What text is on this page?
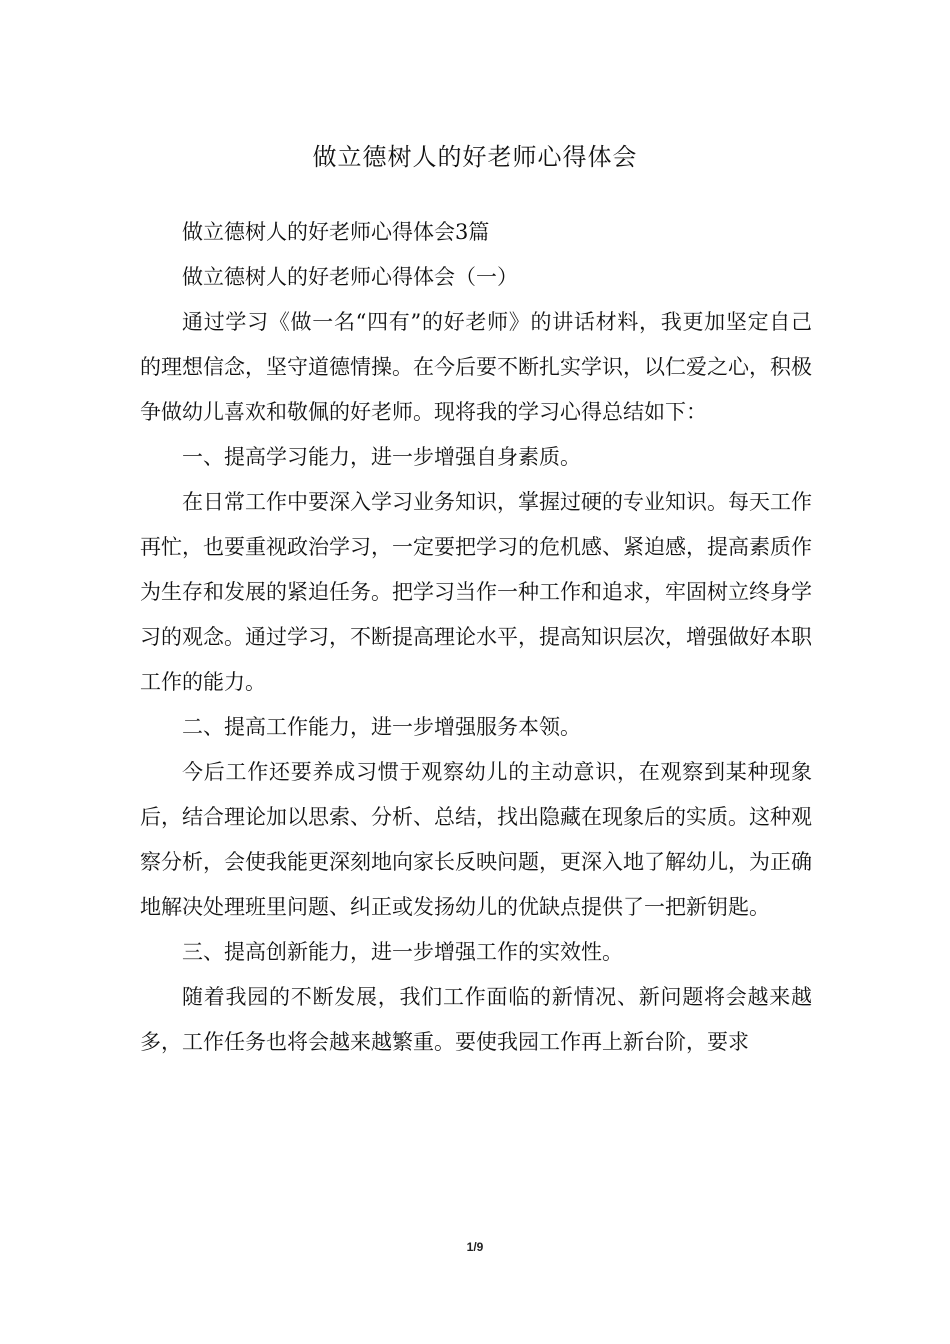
做立德树人的好老师心得体会

做立德树人的好老师心得体会3篇

做立德树人的好老师心得体会（一）

通过学习《做一名“四有”的好老师》的讲话材料，我更加坚定自己的理想信念，坚守道德情操。在今后要不断扎实学识，以仁爱之心，积极争做幼儿喜欢和敬佩的好老师。现将我的学习心得总结如下：

一、提高学习能力，进一步增强自身素质。

在日常工作中要深入学习业务知识，掌握过硬的专业知识。每天工作再忙，也要重视政治学习，一定要把学习的危机感、紧迫感，提高素质作为生存和发展的紧迫任务。把学习当作一种工作和追求，牢固树立终身学习的观念。通过学习，不断提高理论水平，提高知识层次，增强做好本职工作的能力。

二、提高工作能力，进一步增强服务本领。

今后工作还要养成习惯于观察幼儿的主动意识，在观察到某种现象后，结合理论加以思索、分析、总结，找出隐藏在现象后的实质。这种观察分析，会使我能更深刻地向家长反映问题，更深入地了解幼儿，为正确地解决处理班里问题、纠正或发扬幼儿的优缺点提供了一把新钥匙。

三、提高创新能力，进一步增强工作的实效性。

随着我园的不断发展，我们工作面临的新情况、新问题将会越来越多，工作任务也将会越来越繁重。要使我园工作再上新台阶，要求

1/9
